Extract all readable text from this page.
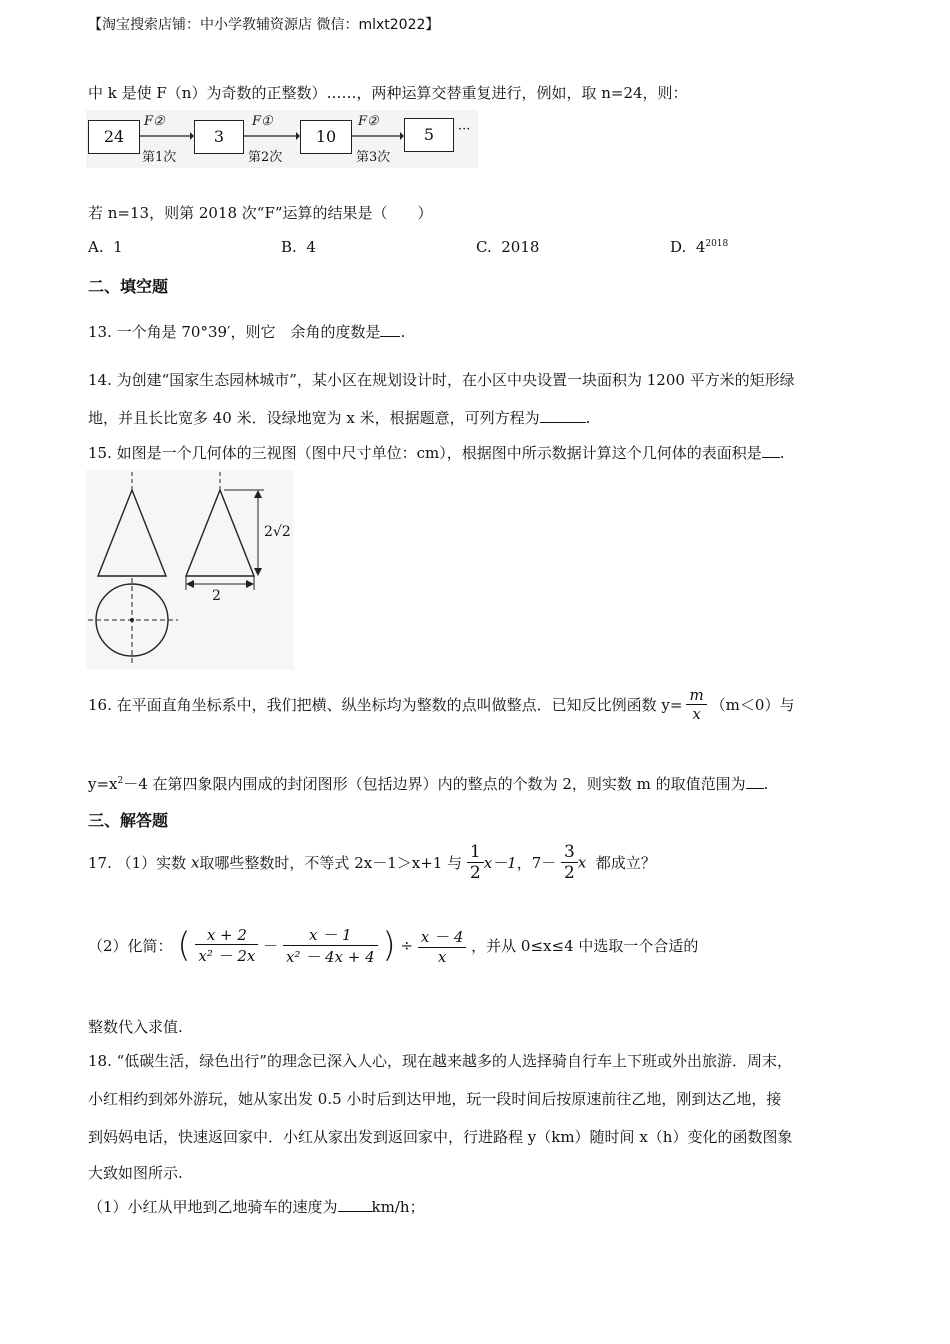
【淘宝搜索店铺：中小学教辅资源店 微信：mlxt2022】
中 k 是使 F（n）为奇数的正整数）……，两种运算交替重复进行，例如，取 n=24，则：
24	3	10	5
F②	F①	F②
第1次	第2次	第3次
···
若 n=13，则第 2018 次“F”运算的结果是（　　）
A. 1	B. 4	C. 2018	D. $4^{2018}$
二、填空题
13. 一个角是 70°39′，则它　余角的度数是 .
14. 为创建“国家生态园林城市”，某小区在规划设计时，在小区中央设置一块面积为 1200 平方米的矩形绿
地，并且长比宽多 40 米．设绿地宽为 x 米，根据题意，可列方程为	.
15. 如图是一个几何体的三视图（图中尺寸单位：cm），根据图中所示数据计算这个几何体的表面积是 .
2√2
2
16. 在平面直角坐标系中，我们把横、纵坐标均为整数的点叫做整点．已知反比例函数 $y= \frac{m}{x} (m<0)$与
$y=x^2-4$ 在第四象限内围成的封闭图形（包括边界）内的整点的个数为 2，则实数 m 的取值范围为 .
三、解答题
17. （1）实数 x取哪些整数时，不等式 2x－1＞x+1 与 $\frac{1}{2} x-1$，$7- \frac{3}{2}$ x 都成立？
（2）化简： ( $\frac{x + 2}{\text{x² － 2x}} - \frac{x - 1}{\text{x² － 4x + 4}}$ ) ÷ $\frac{x - 4}{x}$ ，并从 0≤x≤4 中选取一个合适的
整数代入求值.
18. “低碳生活，绿色出行”的理念已深入人心，现在越来越多的人选择骑自行车上下班或外出旅游．周末，
小红相约到郊外游玩，她从家出发 0.5 小时后到达甲地，玩一段时间后按原速前往乙地，刚到达乙地，接
到妈妈电话，快速返回家中．小红从家出发到返回家中，行进路程 y（km）随时间 x（h）变化的函数图象
大致如图所示.
（1）小红从甲地到乙地骑车的速度为 km/h；
